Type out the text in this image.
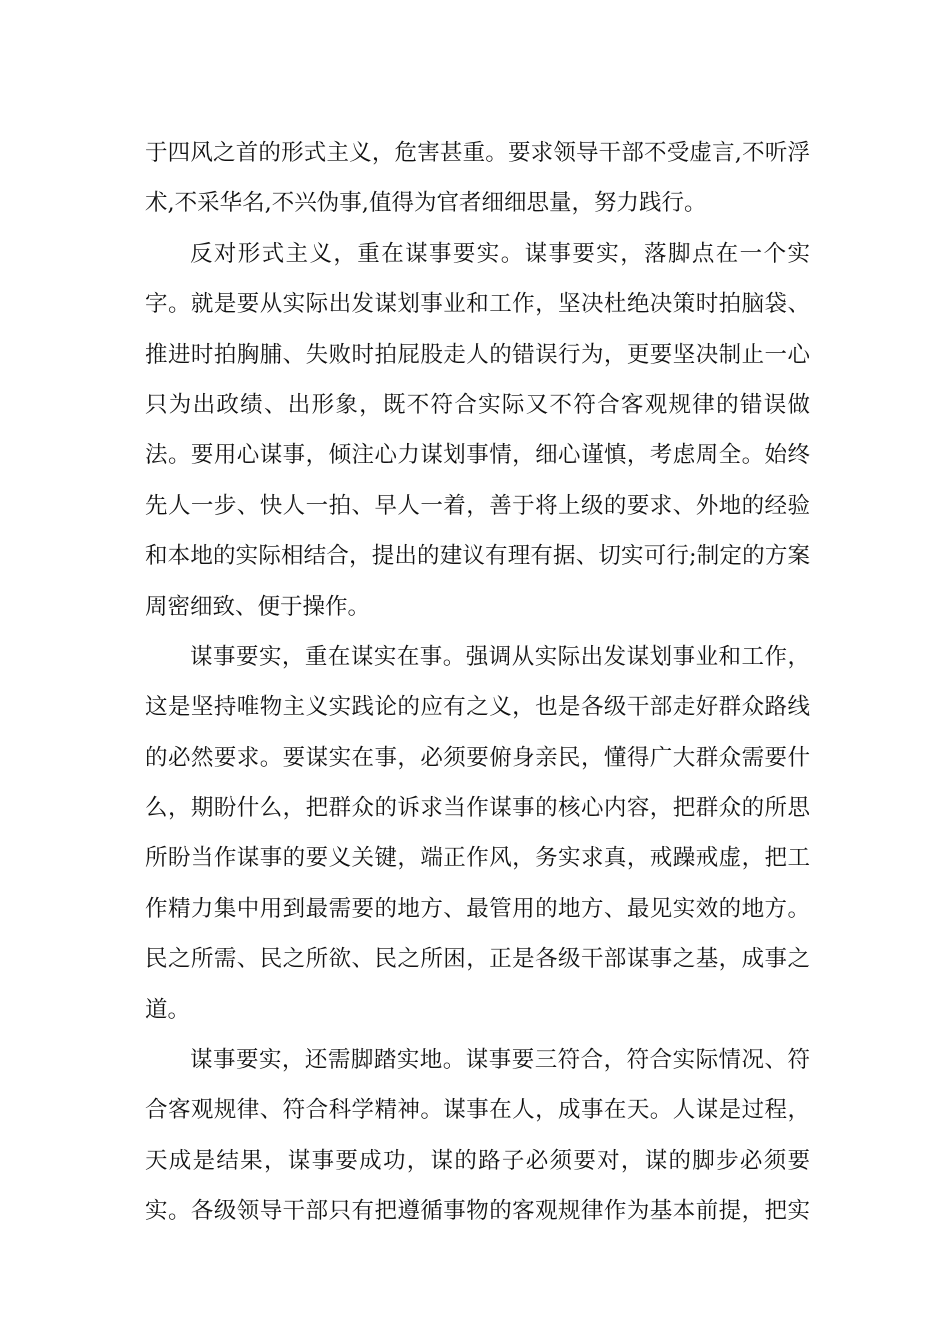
于四风之首的形式主义，危害甚重。要求领导干部不受虚言,不听浮
术,不采华名,不兴伪事,值得为官者细细思量，努力践行。
反对形式主义，重在谋事要实。谋事要实，落脚点在一个实
字。就是要从实际出发谋划事业和工作，坚决杜绝决策时拍脑袋、
推进时拍胸脯、失败时拍屁股走人的错误行为，更要坚决制止一心
只为出政绩、出形象，既不符合实际又不符合客观规律的错误做
法。要用心谋事，倾注心力谋划事情，细心谨慎，考虑周全。始终
先人一步、快人一拍、早人一着，善于将上级的要求、外地的经验
和本地的实际相结合，提出的建议有理有据、切实可行;制定的方案
周密细致、便于操作。
谋事要实，重在谋实在事。强调从实际出发谋划事业和工作，
这是坚持唯物主义实践论的应有之义，也是各级干部走好群众路线
的必然要求。要谋实在事，必须要俯身亲民，懂得广大群众需要什
么，期盼什么，把群众的诉求当作谋事的核心内容，把群众的所思
所盼当作谋事的要义关键，端正作风，务实求真，戒躁戒虚，把工
作精力集中用到最需要的地方、最管用的地方、最见实效的地方。
民之所需、民之所欲、民之所困，正是各级干部谋事之基，成事之
道。
谋事要实，还需脚踏实地。谋事要三符合，符合实际情况、符
合客观规律、符合科学精神。谋事在人，成事在天。人谋是过程，
天成是结果，谋事要成功，谋的路子必须要对，谋的脚步必须要
实。各级领导干部只有把遵循事物的客观规律作为基本前提，把实
